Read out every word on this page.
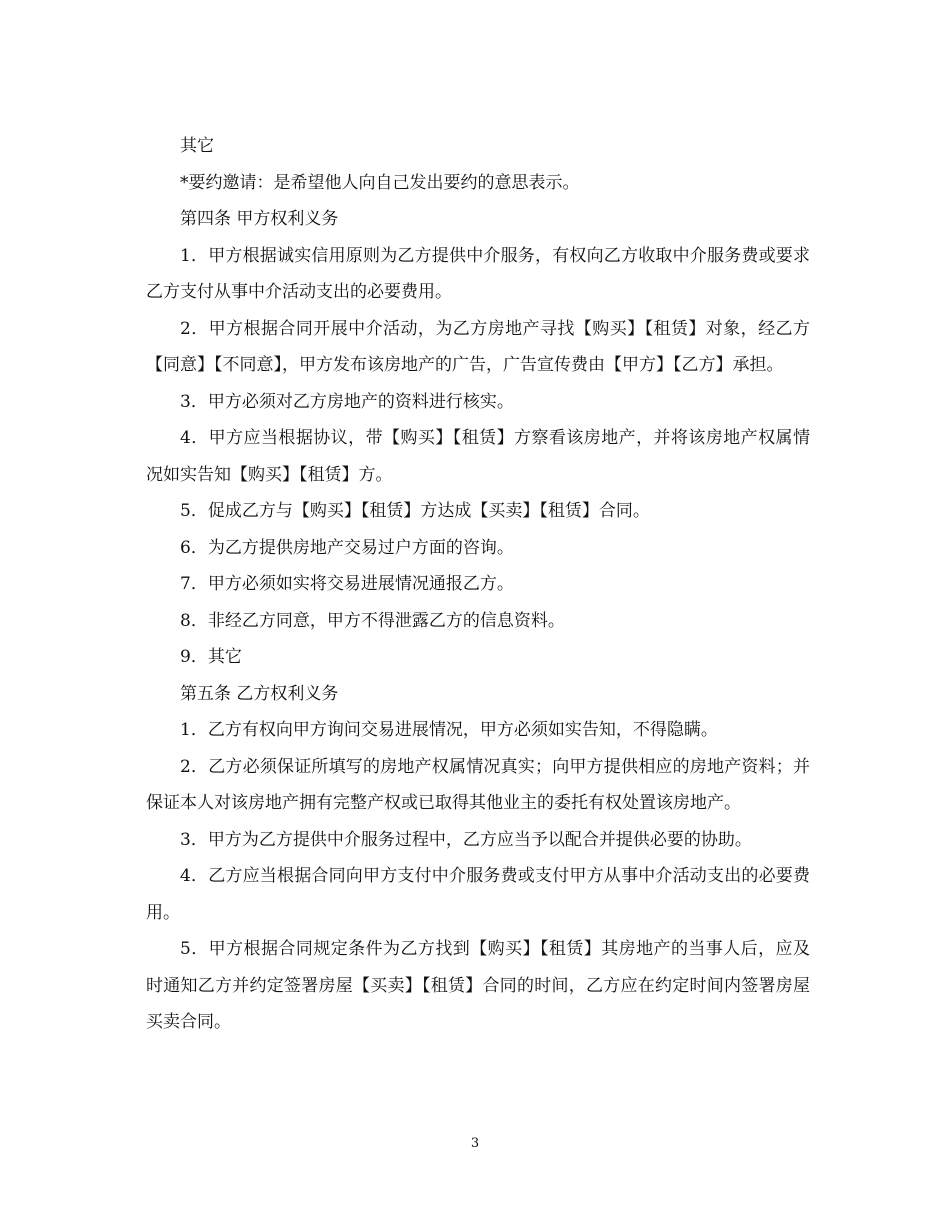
其它

*要约邀请：是希望他人向自己发出要约的意思表示。

第四条 甲方权利义务

1．甲方根据诚实信用原则为乙方提供中介服务，有权向乙方收取中介服务费或要求乙方支付从事中介活动支出的必要费用。

2．甲方根据合同开展中介活动，为乙方房地产寻找【购买】【租赁】对象，经乙方【同意】【不同意】，甲方发布该房地产的广告，广告宣传费由【甲方】【乙方】承担。

3．甲方必须对乙方房地产的资料进行核实。

4．甲方应当根据协议，带【购买】【租赁】方察看该房地产，并将该房地产权属情况如实告知【购买】【租赁】方。

5．促成乙方与【购买】【租赁】方达成【买卖】【租赁】合同。

6．为乙方提供房地产交易过户方面的咨询。

7．甲方必须如实将交易进展情况通报乙方。

8．非经乙方同意，甲方不得泄露乙方的信息资料。

9．其它

第五条 乙方权利义务

1．乙方有权向甲方询问交易进展情况，甲方必须如实告知，不得隐瞒。

2．乙方必须保证所填写的房地产权属情况真实；向甲方提供相应的房地产资料；并保证本人对该房地产拥有完整产权或已取得其他业主的委托有权处置该房地产。

3．甲方为乙方提供中介服务过程中，乙方应当予以配合并提供必要的协助。

4．乙方应当根据合同向甲方支付中介服务费或支付甲方从事中介活动支出的必要费用。

5．甲方根据合同规定条件为乙方找到【购买】【租赁】其房地产的当事人后，应及时通知乙方并约定签署房屋【买卖】【租赁】合同的时间，乙方应在约定时间内签署房屋买卖合同。

3
